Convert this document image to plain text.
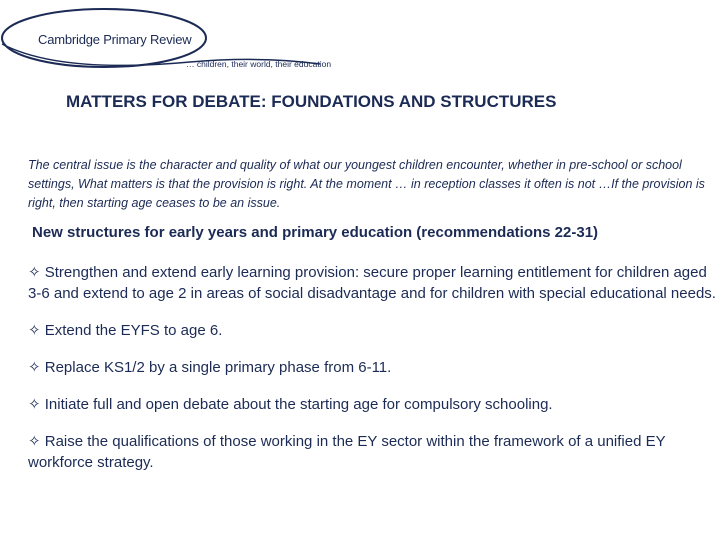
Cambridge Primary Review
… children, their world, their education
MATTERS FOR DEBATE: FOUNDATIONS AND STRUCTURES
The central issue is the character and quality of what our youngest children encounter, whether in pre-school or school settings, What matters is that the provision is right. At the moment … in reception classes it often is not …If the provision is right, then starting age ceases to be an issue.
New structures for early years and primary education (recommendations 22-31)
✧ Strengthen and extend early learning provision: secure proper learning entitlement for children aged 3-6 and extend to age 2 in areas of social disadvantage and for children with special educational needs.
✧ Extend the EYFS to age 6.
✧ Replace KS1/2 by a single primary phase from 6-11.
✧ Initiate full and open debate about the starting age for compulsory schooling.
✧ Raise the qualifications of those working in the EY sector within the framework of a unified EY workforce strategy.
